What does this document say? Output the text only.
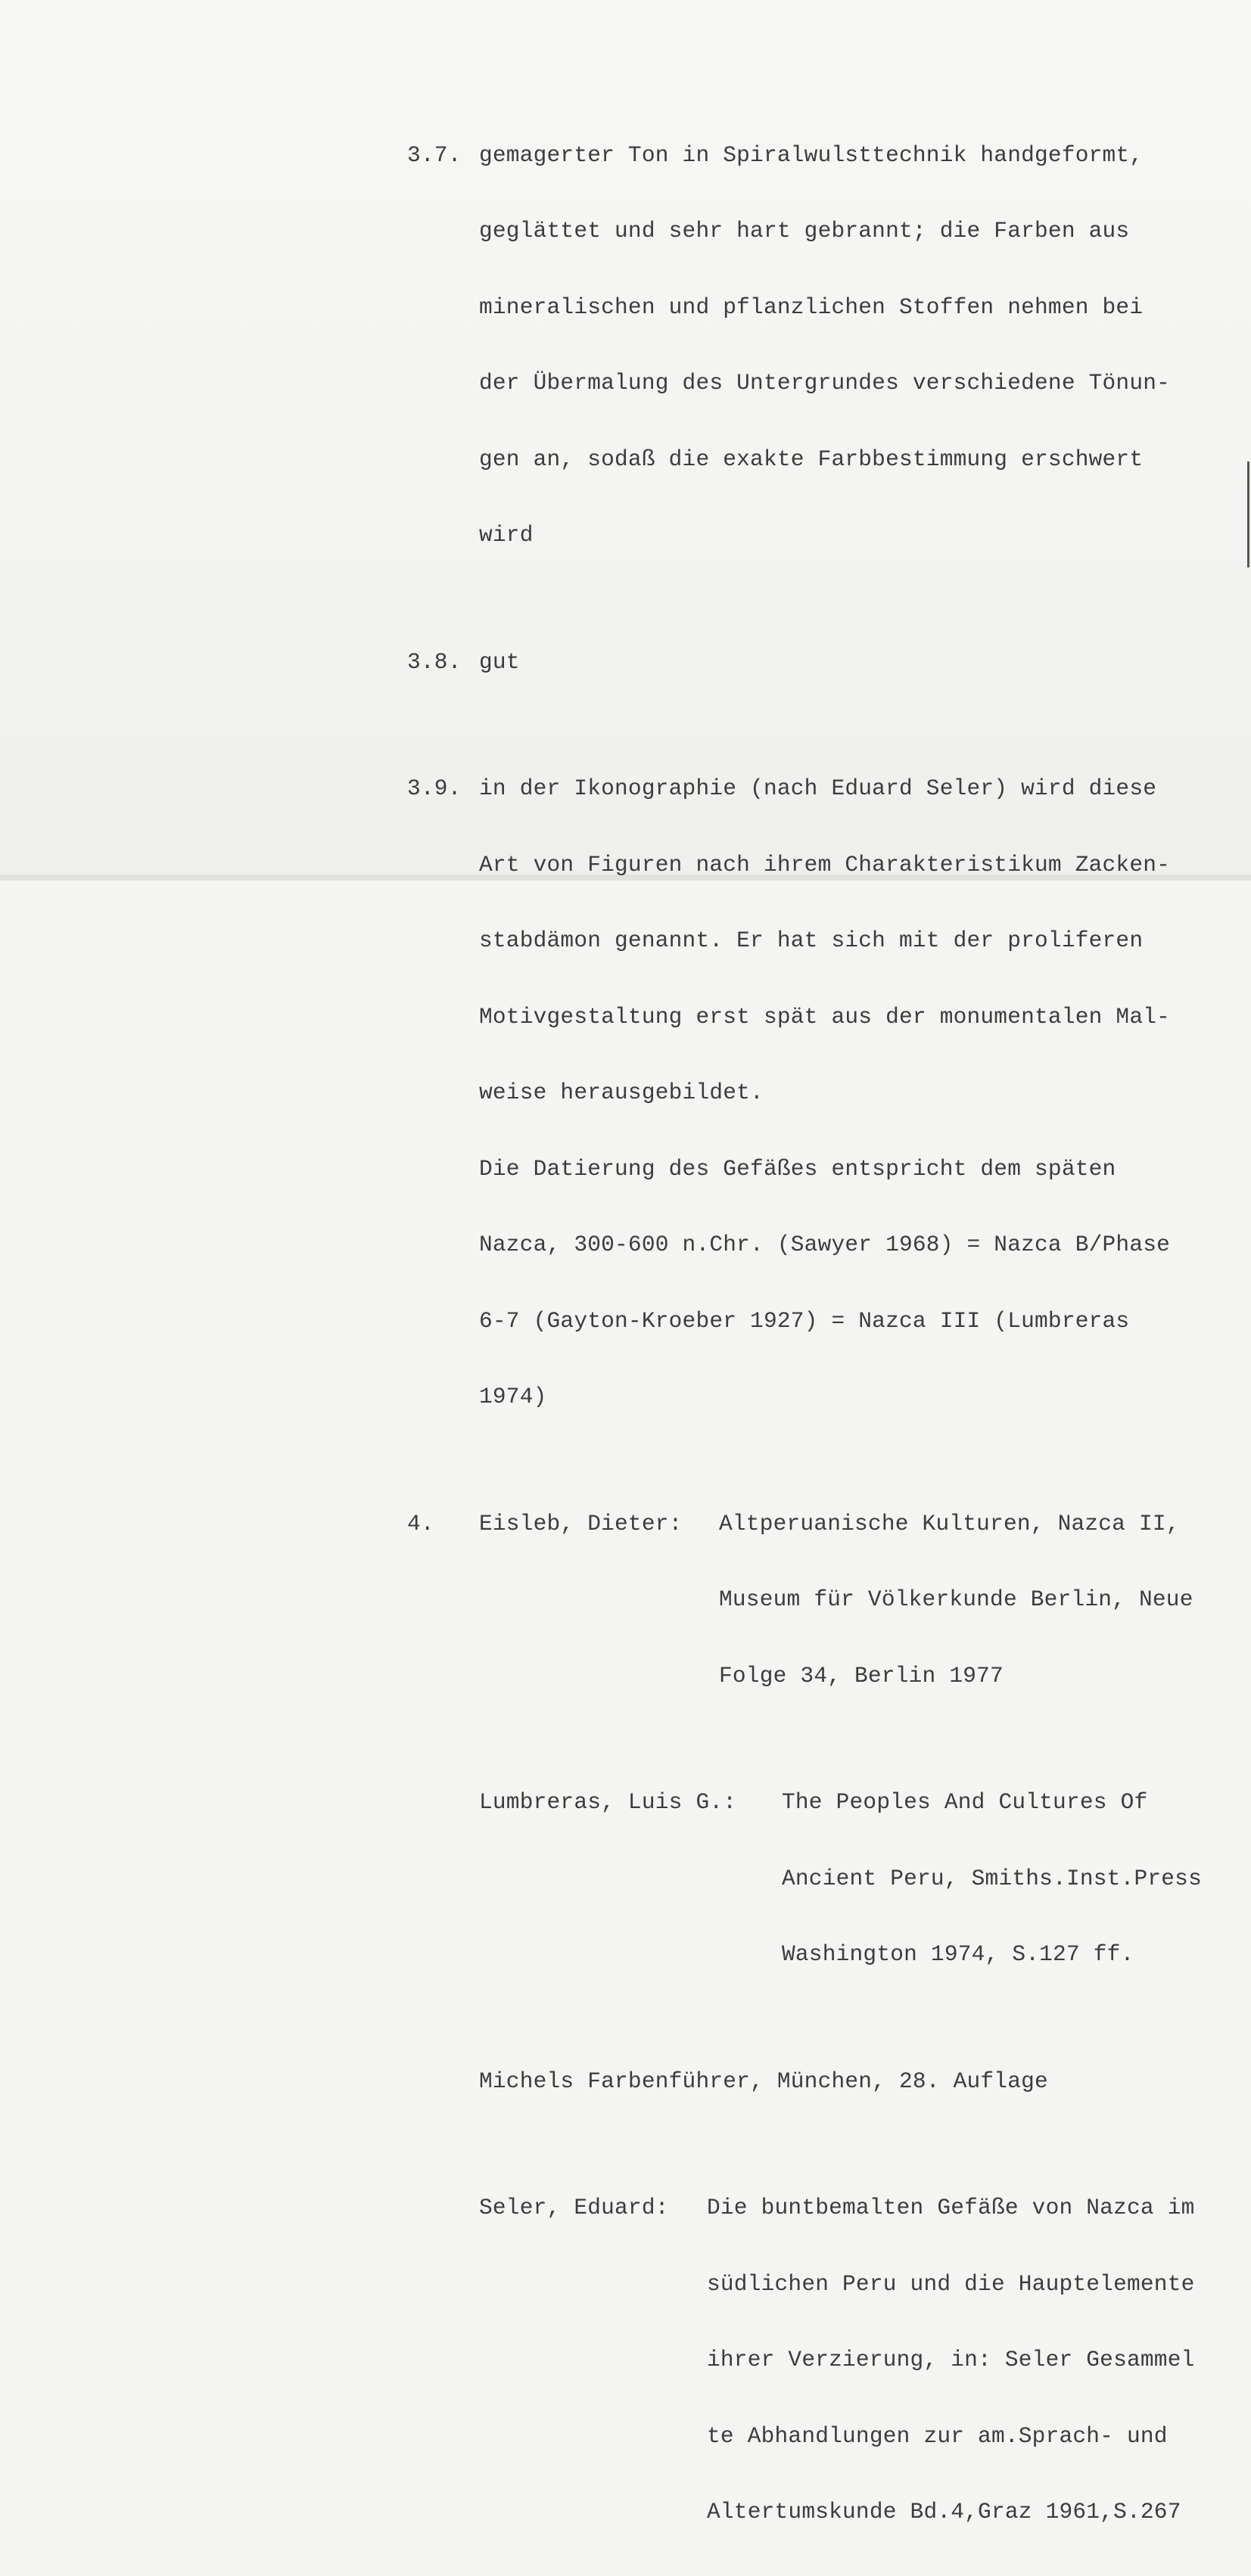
3.7. gemagerter Ton in Spiralwulsttechnik handgeformt,

geglättet und sehr hart gebrannt; die Farben aus

mineralischen und pflanzlichen Stoffen nehmen bei

der Übermalung des Untergrundes verschiedene Tönun-

gen an, sodaß die exakte Farbbestimmung erschwert

wird

3.8. gut

3.9. in der Ikonographie (nach Eduard Seler) wird diese

Art von Figuren nach ihrem Charakteristikum Zacken-

stabdämon genannt. Er hat sich mit der proliferen

Motivgestaltung erst spät aus der monumentalen Mal-

weise herausgebildet.

Die Datierung des Gefäßes entspricht dem späten

Nazca, 300-600 n.Chr. (Sawyer 1968) = Nazca B/Phase

6-7 (Gayton-Kroeber 1927) = Nazca III (Lumbreras

1974)

4. Eisleb, Dieter: Altperuanische Kulturen, Nazca II,

Museum für Völkerkunde Berlin, Neue

Folge 34, Berlin 1977

Lumbreras, Luis G.: The Peoples And Cultures Of

Ancient Peru, Smiths.Inst.Press

Washington 1974, S.127 ff.

Michels Farbenführer, München, 28. Auflage

Seler, Eduard: Die buntbemalten Gefäße von Nazca im

südlichen Peru und die Hauptelemente

ihrer Verzierung, in: Seler Gesammel

te Abhandlungen zur am.Sprach- und

Altertumskunde Bd.4,Graz 1961,S.267
